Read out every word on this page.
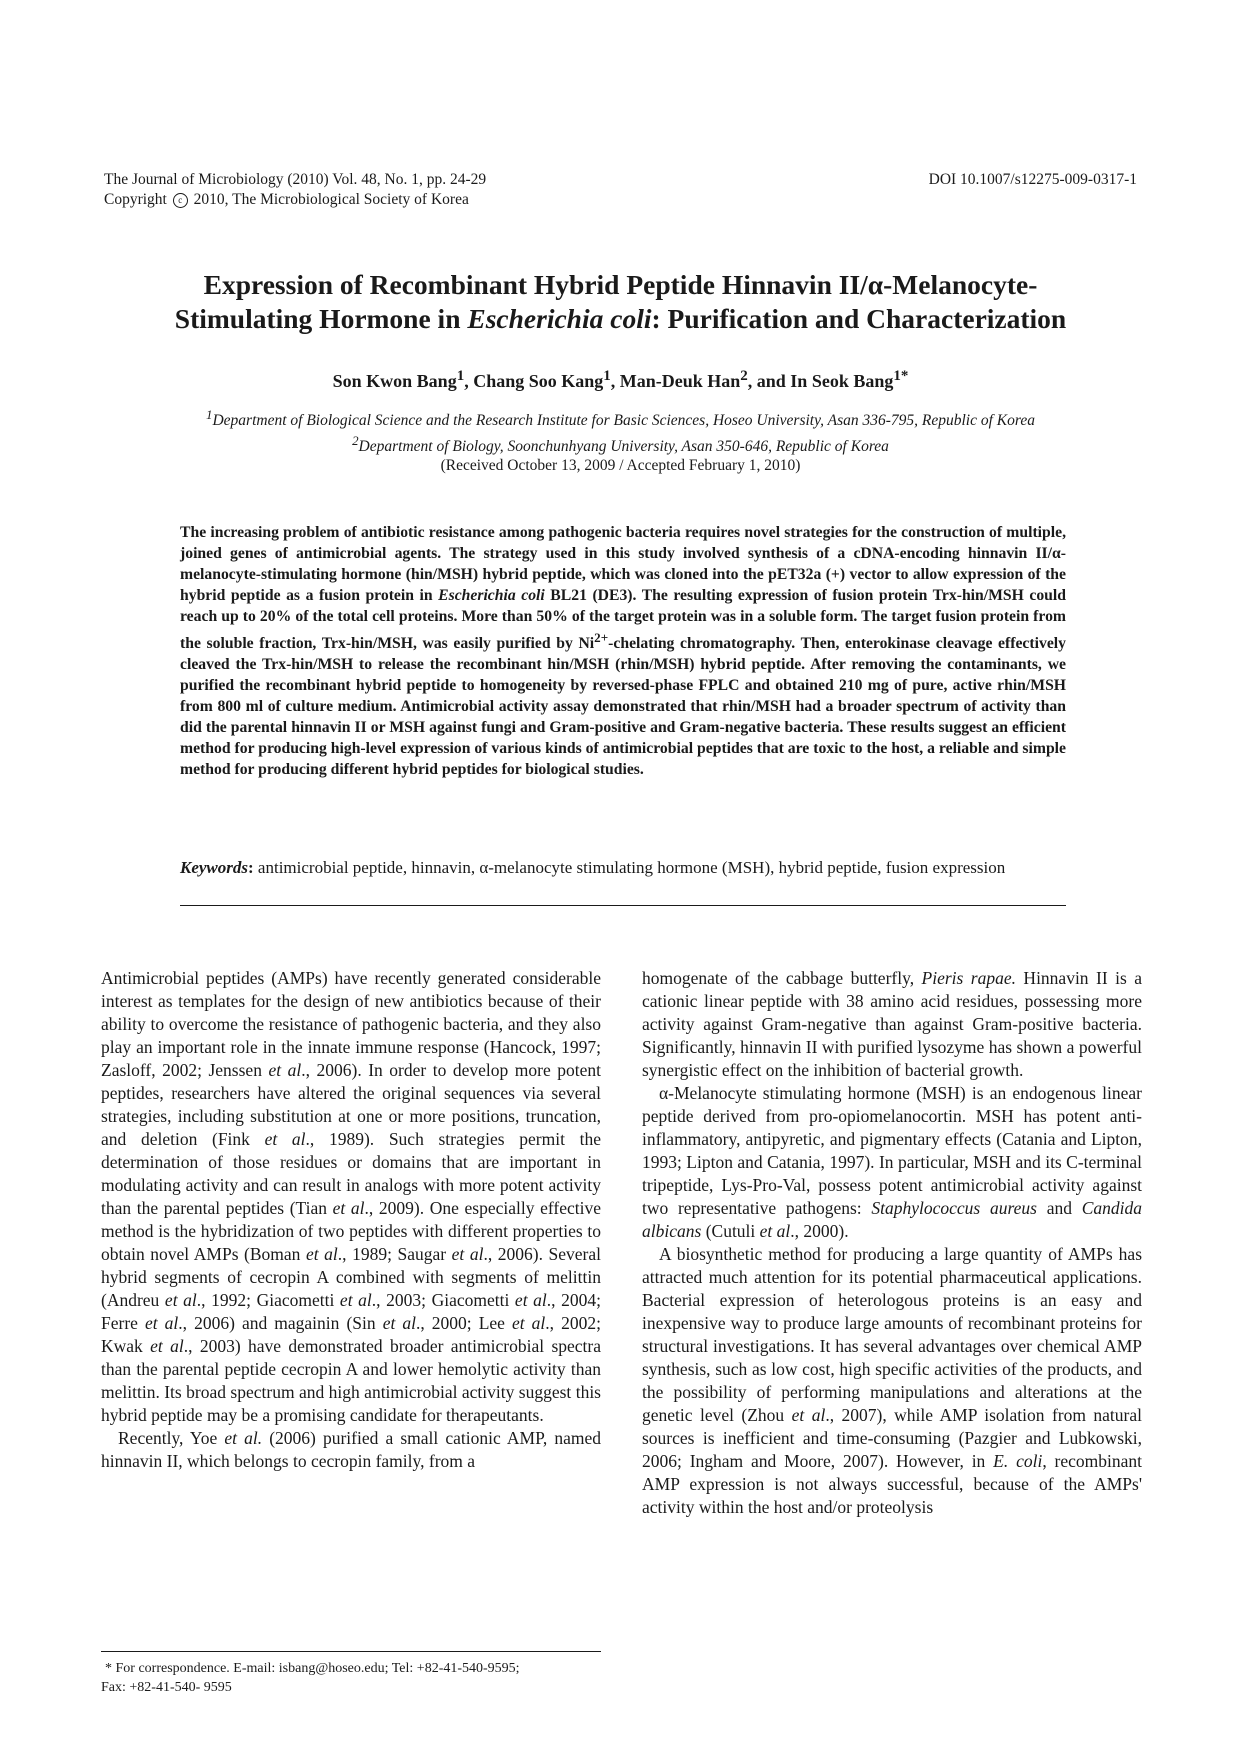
The Journal of Microbiology (2010) Vol. 48, No. 1, pp. 24-29
Copyright c 2010, The Microbiological Society of Korea
DOI 10.1007/s12275-009-0317-1
Expression of Recombinant Hybrid Peptide Hinnavin II/α-Melanocyte-
Stimulating Hormone in Escherichia coli: Purification and Characterization
Son Kwon Bang$^1$, Chang Soo Kang$^1$, Man-Deuk Han$^2$, and In Seok Bang$^{1*}$
$^1$Department of Biological Science and the Research Institute for Basic Sciences, Hoseo University, Asan 336-795, Republic of Korea
$^2$Department of Biology, Soonchunhyang University, Asan 350-646, Republic of Korea
(Received October 13, 2009 / Accepted February 1, 2010)
The increasing problem of antibiotic resistance among pathogenic bacteria requires novel strategies for the construction of multiple, joined genes of antimicrobial agents. The strategy used in this study involved synthesis of a cDNA-encoding hinnavin II/α-melanocyte-stimulating hormone (hin/MSH) hybrid peptide, which was cloned into the pET32a (+) vector to allow expression of the hybrid peptide as a fusion protein in Escherichia coli BL21 (DE3). The resulting expression of fusion protein Trx-hin/MSH could reach up to 20% of the total cell proteins. More than 50% of the target protein was in a soluble form. The target fusion protein from the soluble fraction, Trx-hin/MSH, was easily purified by $Ni^{2+}$-chelating chromatography. Then, enterokinase cleavage effectively cleaved the Trx-hin/MSH to release the recombinant hin/MSH (rhin/MSH) hybrid peptide. After removing the contaminants, we purified the recombinant hybrid peptide to homogeneity by reversed-phase FPLC and obtained 210 mg of pure, active rhin/MSH from 800 ml of culture medium. Antimicrobial activity assay demonstrated that rhin/MSH had a broader spectrum of activity than did the parental hinnavin II or MSH against fungi and Gram-positive and Gram-negative bacteria. These results suggest an efficient method for producing high-level expression of various kinds of antimicrobial peptides that are toxic to the host, a reliable and simple method for producing different hybrid peptides for biological studies.
Keywords: antimicrobial peptide, hinnavin, α-melanocyte stimulating hormone (MSH), hybrid peptide, fusion expression

Antimicrobial peptides (AMPs) have recently generated considerable interest as templates for the design of new antibiotics because of their ability to overcome the resistance of pathogenic bacteria, and they also play an important role in the innate immune response (Hancock, 1997; Zasloff, 2002; Jenssen et al., 2006). In order to develop more potent peptides, researchers have altered the original sequences via several strategies, including substitution at one or more positions, truncation, and deletion (Fink et al., 1989). Such strategies permit the determination of those residues or domains that are important in modulating activity and can result in analogs with more potent activity than the parental peptides (Tian et al., 2009). One especially effective method is the hybridization of two peptides with different properties to obtain novel AMPs (Boman et al., 1989; Saugar et al., 2006). Several hybrid segments of cecropin A combined with segments of melittin (Andreu et al., 1992; Giacometti et al., 2003; Giacometti et al., 2004; Ferre et al., 2006) and magainin (Sin et al., 2000; Lee et al., 2002; Kwak et al., 2003) have demonstrated broader antimicrobial spectra than the parental peptide cecropin A and lower hemolytic activity than melittin. Its broad spectrum and high antimicrobial activity suggest this hybrid peptide may be a promising candidate for therapeutants.

Recently, Yoe et al. (2006) purified a small cationic AMP, named hinnavin II, which belongs to cecropin family, from a

homogenate of the cabbage butterfly, Pieris rapae. Hinnavin II is a cationic linear peptide with 38 amino acid residues, possessing more activity against Gram-negative than against Gram-positive bacteria. Significantly, hinnavin II with purified lysozyme has shown a powerful synergistic effect on the inhibition of bacterial growth.

α-Melanocyte stimulating hormone (MSH) is an endogenous linear peptide derived from pro-opiomelanocortin. MSH has potent anti-inflammatory, antipyretic, and pigmentary effects (Catania and Lipton, 1993; Lipton and Catania, 1997). In particular, MSH and its C-terminal tripeptide, Lys-Pro-Val, possess potent antimicrobial activity against two representative pathogens: Staphylococcus aureus and Candida albicans (Cutuli et al., 2000).

A biosynthetic method for producing a large quantity of AMPs has attracted much attention for its potential pharmaceutical applications. Bacterial expression of heterologous proteins is an easy and inexpensive way to produce large amounts of recombinant proteins for structural investigations. It has several advantages over chemical AMP synthesis, such as low cost, high specific activities of the products, and the possibility of performing manipulations and alterations at the genetic level (Zhou et al., 2007), while AMP isolation from natural sources is inefficient and time-consuming (Pazgier and Lubkowski, 2006; Ingham and Moore, 2007). However, in E. coli, recombinant AMP expression is not always successful, because of the AMPs' activity within the host and/or proteolysis

* For correspondence. E-mail: isbang@hoseo.edu; Tel: +82-41-540-9595;
Fax: +82-41-540- 9595
